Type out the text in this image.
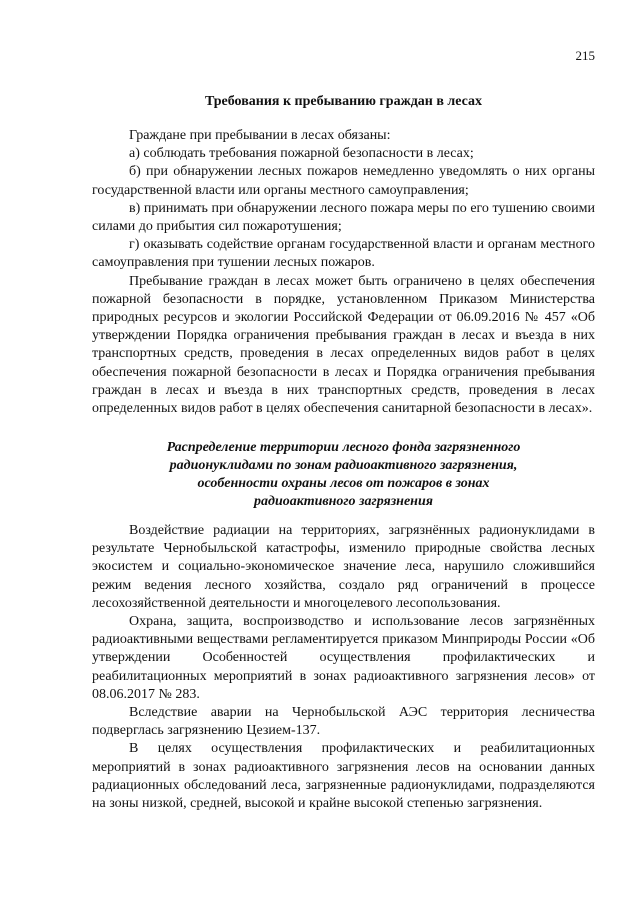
215
Требования к пребыванию граждан в лесах

Граждане при пребывании в лесах обязаны:

а) соблюдать требования пожарной безопасности в лесах;

б) при обнаружении лесных пожаров немедленно уведомлять о них органы государственной власти или органы местного самоуправления;

в) принимать при обнаружении лесного пожара меры по его тушению своими силами до прибытия сил пожаротушения;

г) оказывать содействие органам государственной власти и органам местного самоуправления при тушении лесных пожаров.

Пребывание граждан в лесах может быть ограничено в целях обеспечения пожарной безопасности в порядке, установленном Приказом Министерства природных ресурсов и экологии Российской Федерации от 06.09.2016 № 457 «Об утверждении Порядка ограничения пребывания граждан в лесах и въезда в них транспортных средств, проведения в лесах определенных видов работ в целях обеспечения пожарной безопасности в лесах и Порядка ограничения пребывания граждан в лесах и въезда в них транспортных средств, проведения в лесах определенных видов работ в целях обеспечения санитарной безопасности в лесах».

Распределение территории лесного фонда загрязненного
радионуклидами по зонам радиоактивного загрязнения,
особенности охраны лесов от пожаров в зонах
радиоактивного загрязнения

Воздействие радиации на территориях, загрязнённых радионуклидами в результате Чернобыльской катастрофы, изменило природные свойства лесных экосистем и социально-экономическое значение леса, нарушило сложившийся режим ведения лесного хозяйства, создало ряд ограничений в процессе лесохозяйственной деятельности и многоцелевого лесопользования.

Охрана, защита, воспроизводство и использование лесов загрязнённых радиоактивными веществами регламентируется приказом Минприроды России «Об утверждении Особенностей осуществления профилактических и реабилитационных мероприятий в зонах радиоактивного загрязнения лесов» от 08.06.2017 № 283.

Вследствие аварии на Чернобыльской АЭС территория лесничества подверглась загрязнению Цезием-137.

В целях осуществления профилактических и реабилитационных мероприятий в зонах радиоактивного загрязнения лесов на основании данных радиационных обследований леса, загрязненные радионуклидами, подразделяются на зоны низкой, средней, высокой и крайне высокой степенью загрязнения.
